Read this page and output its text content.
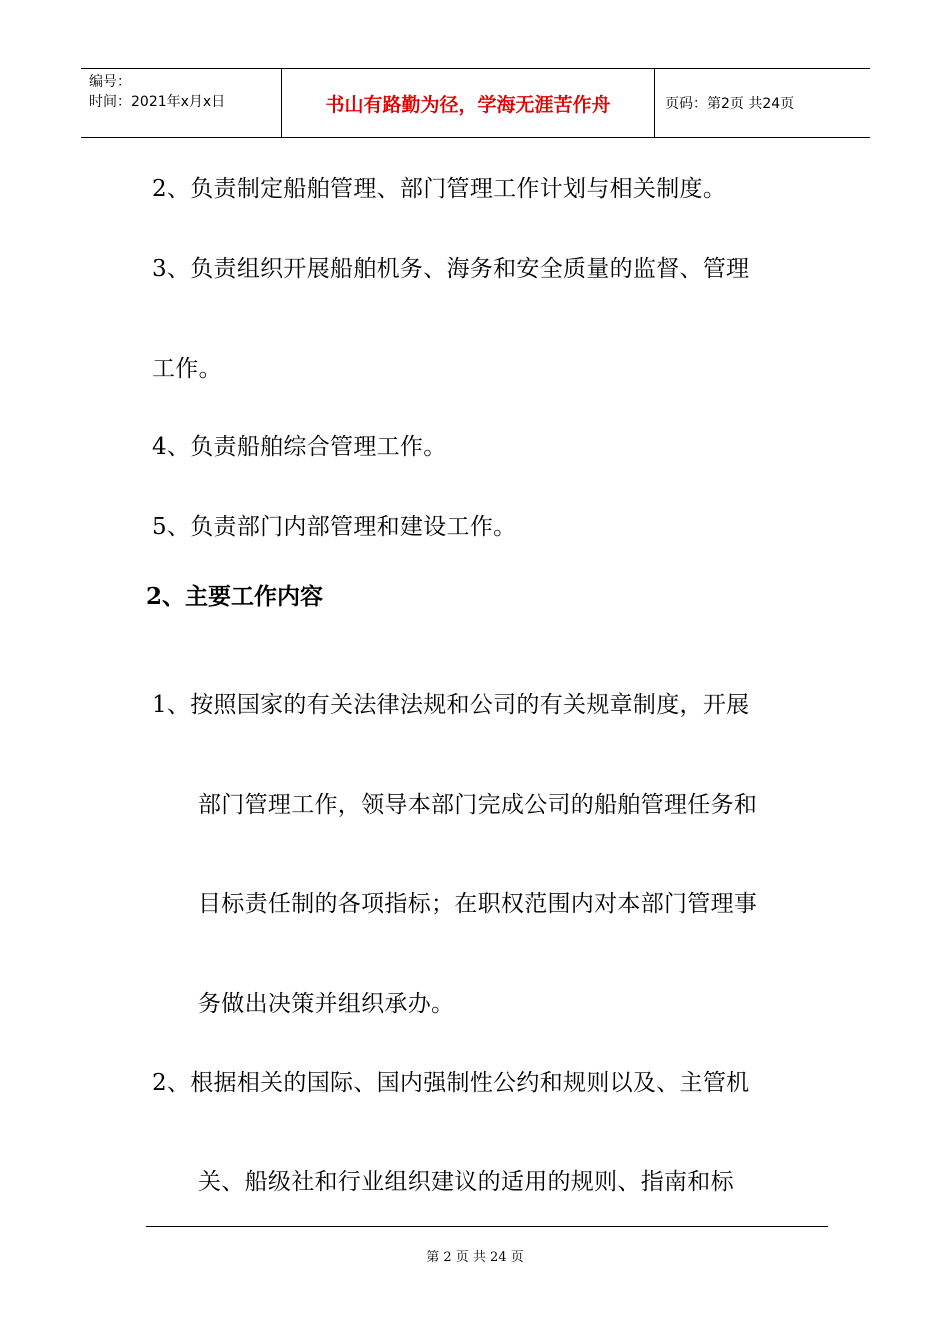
编号：
时间：2021年x月x日	书山有路勤为径，学海无涯苦作舟	页码：第2页 共24页
2、负责制定船舶管理、部门管理工作计划与相关制度。
3、负责组织开展船舶机务、海务和安全质量的监督、管理
工作。
4、负责船舶综合管理工作。
5、负责部门内部管理和建设工作。
2、主要工作内容
1、按照国家的有关法律法规和公司的有关规章制度，开展
部门管理工作，领导本部门完成公司的船舶管理任务和
目标责任制的各项指标；在职权范围内对本部门管理事
务做出决策并组织承办。
2、根据相关的国际、国内强制性公约和规则以及、主管机
关、船级社和行业组织建议的适用的规则、指南和标
第 2 页 共 24 页
